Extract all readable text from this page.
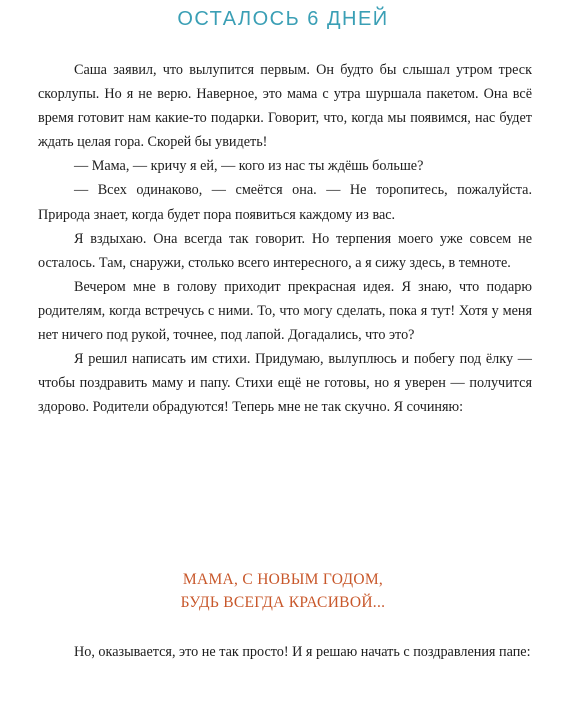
ОСТАЛОСЬ 6 ДНЕЙ

Саша заявил, что вылупится первым. Он будто бы слышал утром треск скорлупы. Но я не верю. Наверное, это мама с утра шуршала пакетом. Она всё время готовит нам какие-то подарки. Говорит, что, когда мы появимся, нас будет ждать целая гора. Скорей бы увидеть!

— Мама, — кричу я ей, — кого из нас ты ждёшь больше?

— Всех одинаково, — смеётся она. — Не торопитесь, пожалуйста. Природа знает, когда будет пора появиться каждому из вас.

Я вздыхаю. Она всегда так говорит. Но терпения моего уже совсем не осталось. Там, снаружи, столько всего интересного, а я сижу здесь, в темноте.

Вечером мне в голову приходит прекрасная идея. Я знаю, что подарю родителям, когда встречусь с ними. То, что могу сделать, пока я тут! Хотя у меня нет ничего под рукой, точнее, под лапой. Догадались, что это?

Я решил написать им стихи. Придумаю, вылуплюсь и побегу под ёлку — чтобы поздравить маму и папу. Стихи ещё не готовы, но я уверен — получится здорово. Родители обрадуются! Теперь мне не так скучно. Я сочиняю:

МАМА, С НОВЫМ ГОДОМ,
БУДЬ ВСЕГДА КРАСИВОЙ...

Но, оказывается, это не так просто! И я решаю начать с поздравления папе:
